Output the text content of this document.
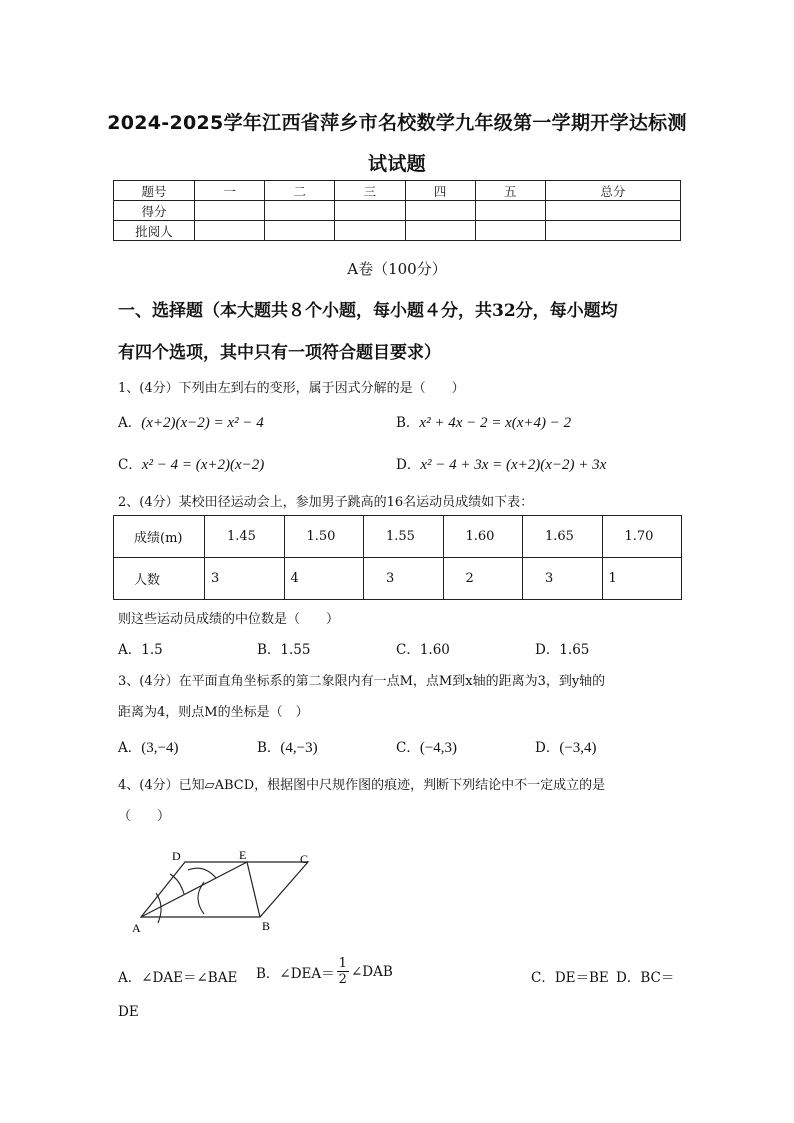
2024-2025学年江西省萍乡市名校数学九年级第一学期开学达标测
试试题
题号	一	二	三	四	五	总分
得分						
批阅人						
A卷（100分）
一、选择题（本大题共８个小题，每小题４分，共32分，每小题均
有四个选项，其中只有一项符合题目要求）
1、(4分）下列由左到右的变形，属于因式分解的是（　　）
A．(x+2)(x−2) = x² − 4	B．x² + 4x − 2 = x(x+4) − 2
C．x² − 4 = (x+2)(x−2)	D．x² − 4 + 3x = (x+2)(x−2) + 3x
2、(4分）某校田径运动会上，参加男子跳高的16名运动员成绩如下表：
成绩(m)	1.45	1.50	1.55	1.60	1.65	1.70
人数	3	4	3	2	3	1
则这些运动员成绩的中位数是（　　）
A．1.5	B．1.55	C．1.60	D．1.65
3、(4分）在平面直角坐标系的第二象限内有一点M，点M到x轴的距离为3，到y轴的
距离为4，则点M的坐标是（　）
A．(3,−4)	B．(4,−3)	C．(−4,3)	D．(−3,4)
4、(4分）已知▱ABCD，根据图中尺规作图的痕迹，判断下列结论中不一定成立的是
（　　）
A	B
C
D	E
A．∠DAE＝∠BAE B．∠DEA＝ $\frac{1}{2}$ ∠DAB	C．DE＝BE D．BC＝
DE
